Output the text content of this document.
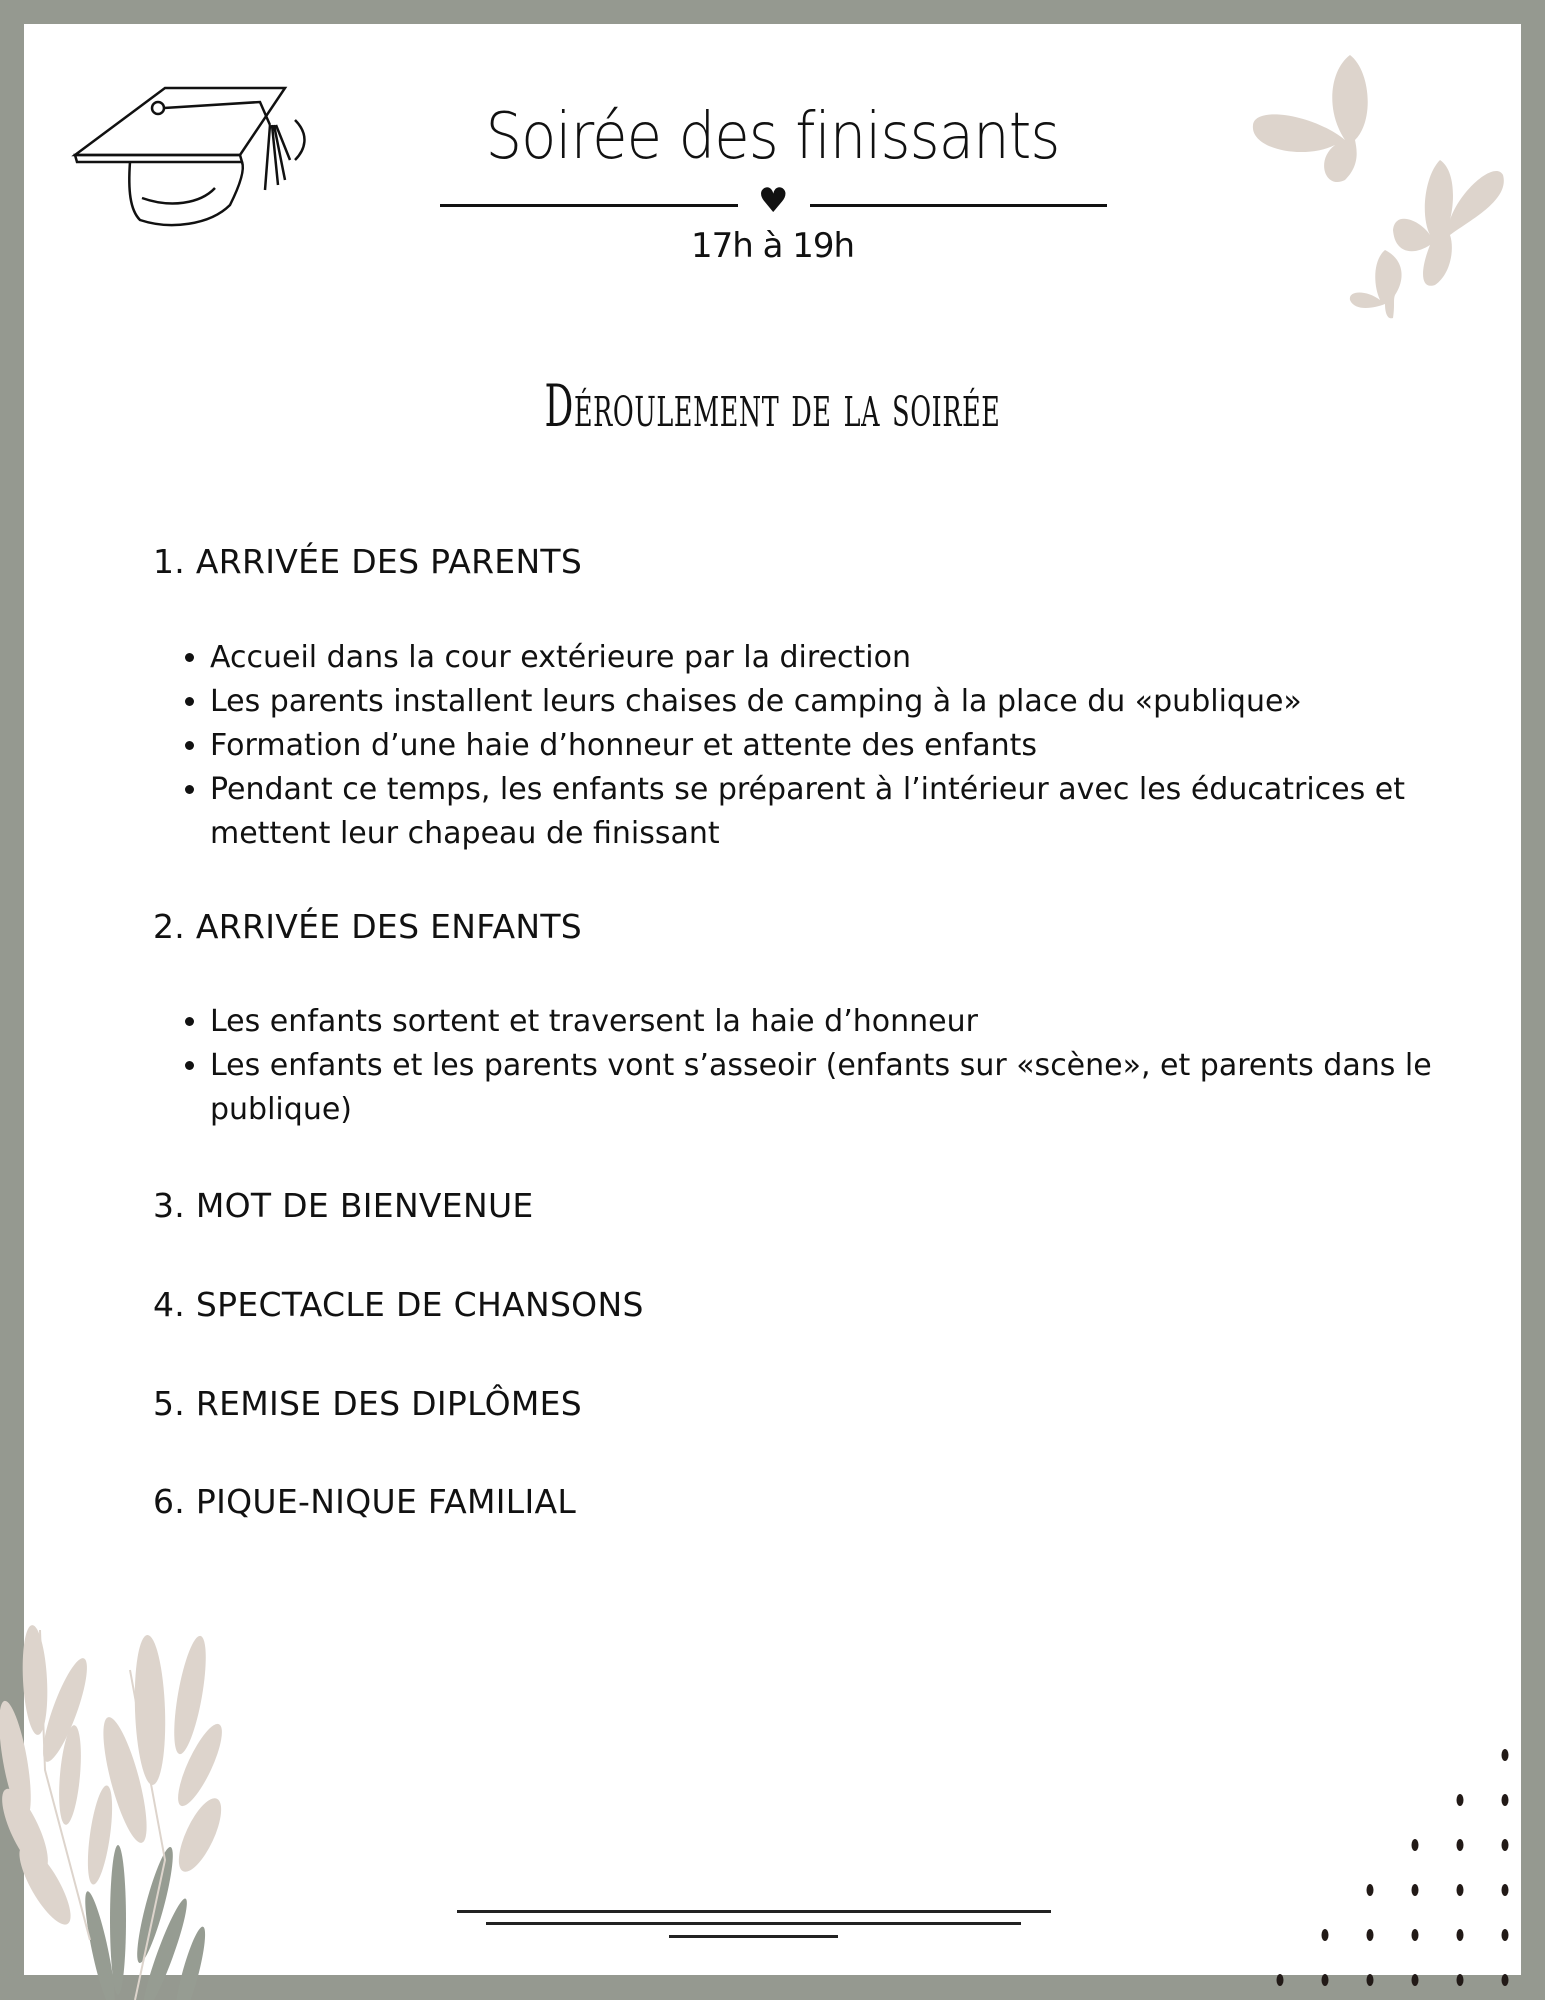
Soirée des finissants
♥
17h à 19h
Déroulement de la soirée
1. ARRIVÉE DES PARENTS
• Accueil dans la cour extérieure par la direction
• Les parents installent leurs chaises de camping à la place du «publique»
• Formation d’une haie d’honneur et attente des enfants
• Pendant ce temps, les enfants se préparent à l’intérieur avec les éducatrices et mettent leur chapeau de finissant
2. ARRIVÉE DES ENFANTS
• Les enfants sortent et traversent la haie d’honneur
• Les enfants et les parents vont s’asseoir (enfants sur «scène», et parents dans le publique)
3. MOT DE BIENVENUE
4. SPECTACLE DE CHANSONS
5. REMISE DES DIPLÔMES
6. PIQUE-NIQUE FAMILIAL
